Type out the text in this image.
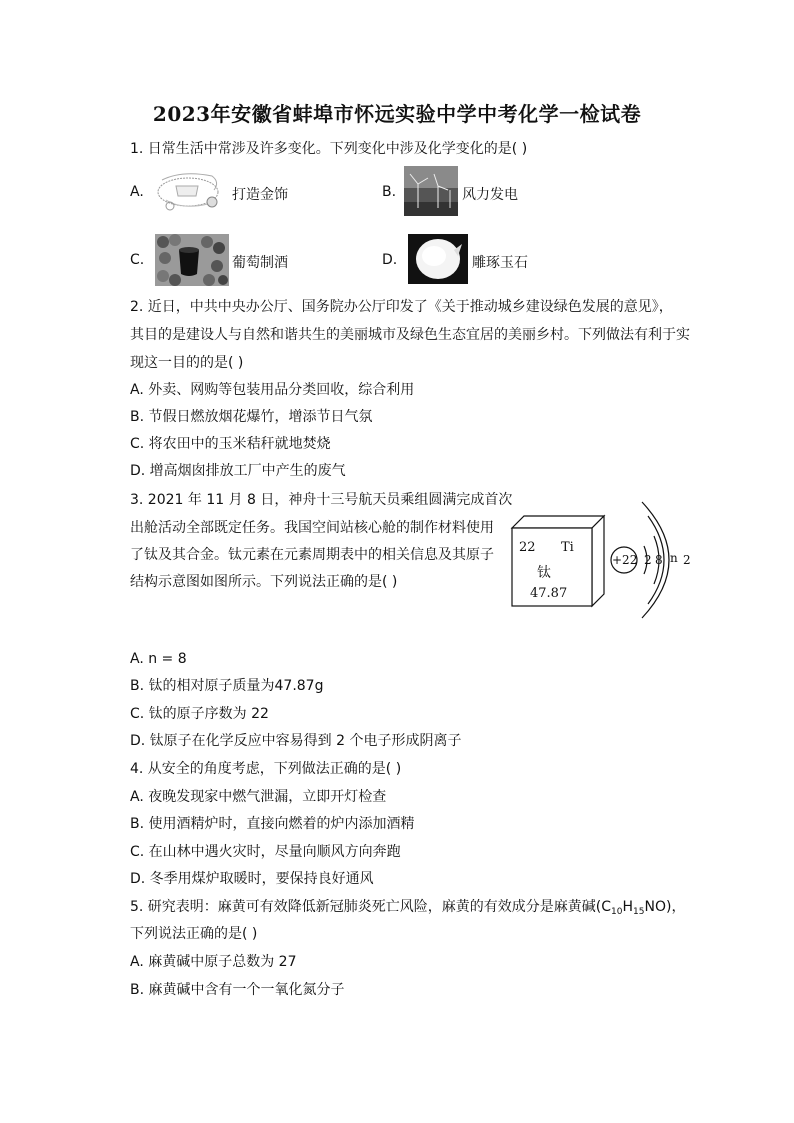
2023年安徽省蚌埠市怀远实验中学中考化学一检试卷
1. 日常生活中常涉及许多变化。下列变化中涉及化学变化的是( )
A.	打造金饰	B.	风力发电
C.	葡萄制酒	D.	雕琢玉石
2. 近日，中共中央办公厅、国务院办公厅印发了《关于推动城乡建设绿色发展的意见》，
其目的是建设人与自然和谐共生的美丽城市及绿色生态宜居的美丽乡村。下列做法有利于实
现这一目的的是( )
A. 外卖、网购等包装用品分类回收，综合利用
B. 节假日燃放烟花爆竹，增添节日气氛
C. 将农田中的玉米秸秆就地焚烧
D. 增高烟囱排放工厂中产生的废气
3. 2021 年 11 月 8 日，神舟十三号航天员乘组圆满完成首次
出舱活动全部既定任务。我国空间站核心舱的制作材料使用
了钛及其合金。钛元素在元素周期表中的相关信息及其原子
结构示意图如图所示。下列说法正确的是( )
22 Ti
钛
47.87
+22 2 8 n 2
A. n = 8
B. 钛的相对原子质量为47.87g
C. 钛的原子序数为 22
D. 钛原子在化学反应中容易得到 2 个电子形成阴离子
4. 从安全的角度考虑，下列做法正确的是( )
A. 夜晚发现家中燃气泄漏，立即开灯检查
B. 使用酒精炉时，直接向燃着的炉内添加酒精
C. 在山林中遇火灾时，尽量向顺风方向奔跑
D. 冬季用煤炉取暖时，要保持良好通风
5. 研究表明：麻黄可有效降低新冠肺炎死亡风险，麻黄的有效成分是麻黄碱$(C_{10}H_{15}NO)$，
下列说法正确的是( )
A. 麻黄碱中原子总数为 27
B. 麻黄碱中含有一个一氧化氮分子
